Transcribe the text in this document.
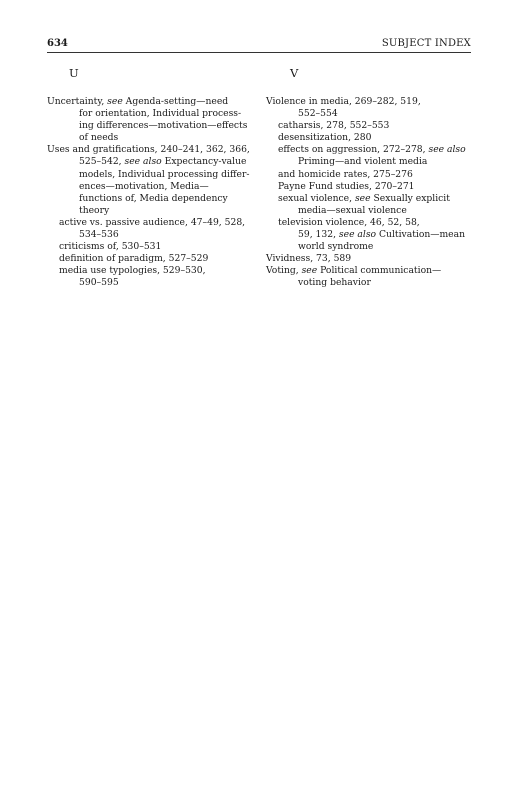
634	SUBJECT INDEX
U
Uncertainty, see Agenda-setting—need
for orientation, Individual process-
ing differences—motivation—effects
of needs
Uses and gratifications, 240–241, 362, 366,
525–542, see also Expectancy-value
models, Individual processing differ-
ences—motivation, Media—
functions of, Media dependency
theory
active vs. passive audience, 47–49, 528,
534–536
criticisms of, 530–531
definition of paradigm, 527–529
media use typologies, 529–530,
590–595
V
Violence in media, 269–282, 519,
552–554
catharsis, 278, 552–553
desensitization, 280
effects on aggression, 272–278, see also
Priming—and violent media
and homicide rates, 275–276
Payne Fund studies, 270–271
sexual violence, see Sexually explicit
media—sexual violence
television violence, 46, 52, 58,
59, 132, see also Cultivation—mean
world syndrome
Vividness, 73, 589
Voting, see Political communication—
voting behavior
